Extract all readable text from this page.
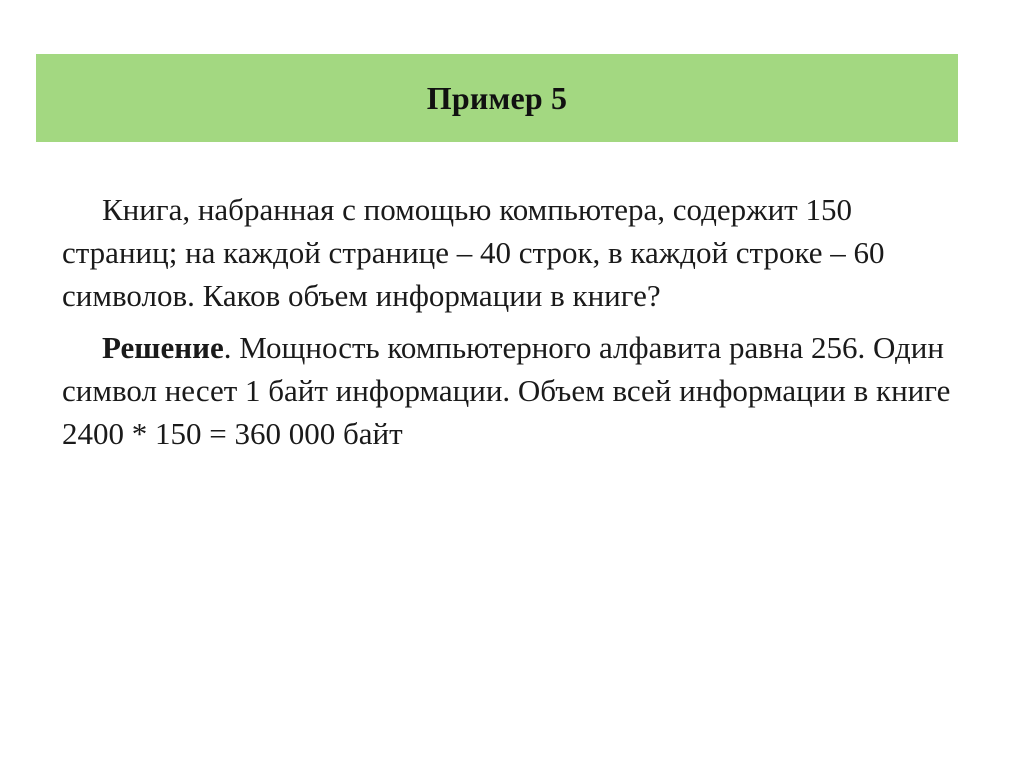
Пример 5

Книга, набранная с помощью компьютера, содержит 150 страниц; на каждой странице – 40 строк, в каждой строке – 60 символов. Каков объем информации в книге?

Решение. Мощность компьютерного алфавита равна 256. Один символ несет 1 байт информации. Объем всей информации в книге 2400 * 150 = 360 000 байт
